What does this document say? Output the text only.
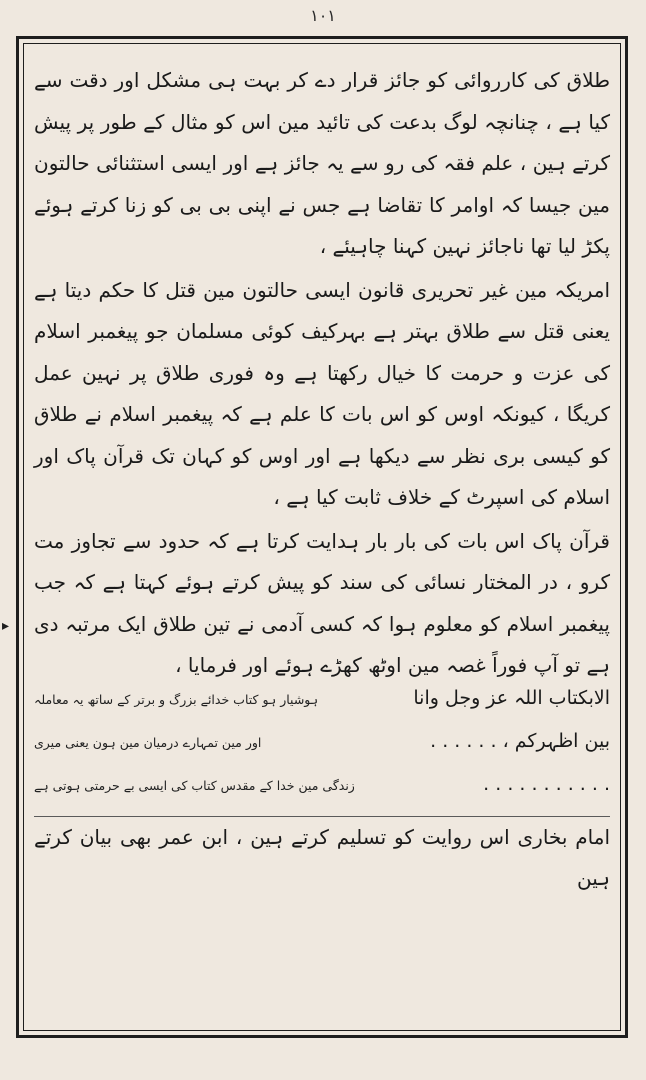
۱۰۱
▸

طلاق کی کارروائی کو جائز قرار دے کر بہت ہی مشکل اور دقت سے کیا ہے ، چنانچہ لوگ بدعت کی تائید مین اس کو مثال کے طور پر پیش کرتے ہین ، علم فقہ کی رو سے یہ جائز ہے اور ایسی استثنائی حالتون مین جیسا کہ اوامر کا تقاضا ہے جس نے اپنی بی بی کو زنا کرتے ہوئے پکڑ لیا تھا ناجائز نہین کہنا چاہیئے ،

امریکہ مین غیر تحریری قانون ایسی حالتون مین قتل کا حکم دیتا ہے یعنی قتل سے طلاق بہتر ہے بہرکیف کوئی مسلمان جو پیغمبر اسلام کی عزت و حرمت کا خیال رکھتا ہے وہ فوری طلاق پر نہین عمل کریگا ، کیونکہ اوس کو اس بات کا علم ہے کہ پیغمبر اسلام نے طلاق کو کیسی بری نظر سے دیکھا ہے اور اوس کو کہان تک قرآن پاک اور اسلام کی اسپرٹ کے خلاف ثابت کیا ہے ،

قرآن پاک اس بات کی بار بار ہدایت کرتا ہے کہ حدود سے تجاوز مت کرو ، در المختار نسائی کی سند کو پیش کرتے ہوئے کہتا ہے کہ جب پیغمبر اسلام کو معلوم ہوا کہ کسی آدمی نے تین طلاق ایک مرتبہ دی ہے تو آپ فوراً غصہ مین اوٹھ کھڑے ہوئے اور فرمایا ،

الابکتاب اللہ عز وجل وانا
ہوشیار ہو کتاب خدائے بزرگ و برتر کے ساتھ یہ معاملہ
بین اظہرکم ، . . . . . .
اور مین تمہارے درمیان مین ہون یعنی میری
. . . . . . . . . . .
زندگی مین خدا کے مقدس کتاب کی ایسی بے حرمتی ہوتی ہے

امام بخاری اس روایت کو تسلیم کرتے ہین ، ابن عمر بھی بیان کرتے ہین
